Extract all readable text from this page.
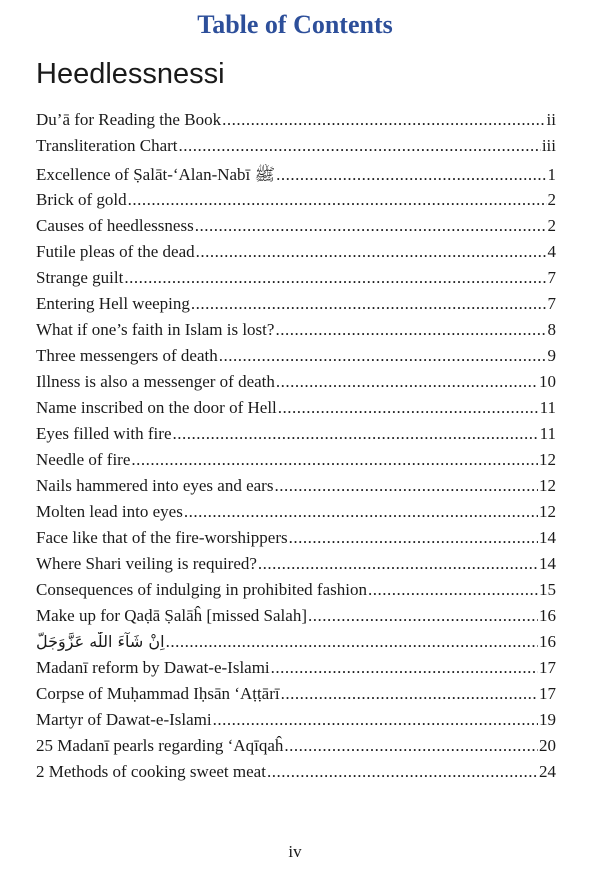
Table of Contents
Heedlessnessi
Du’ā for Reading the Book .....	ii
Transliteration Chart .....	iii
Excellence of Ṣalāt-‘Alan-Nabī ﷺ .....	1
Brick of gold .....	2
Causes of heedlessness .....	2
Futile pleas of the dead .....	4
Strange guilt .....	7
Entering Hell weeping .....	7
What if one’s faith in Islam is lost? .....	8
Three messengers of death .....	9
Illness is also a messenger of death .....	10
Name inscribed on the door of Hell .....	11
Eyes filled with fire .....	11
Needle of fire .....	12
Nails hammered into eyes and ears .....	12
Molten lead into eyes .....	12
Face like that of the fire-worshippers .....	14
Where Shari veiling is required? .....	14
Consequences of indulging in prohibited fashion .....	15
Make up for Qaḍā Ṣalāĥ [missed Salah] .....	16
اِنْ شَآءَ اللّٰه عَزَّوَجَلَّ .....	16
Madanī reform by Dawat-e-Islami .....	17
Corpse of Muḥammad Iḥsān ‘Aṭṭārī .....	17
Martyr of Dawat-e-Islami .....	19
25 Madanī pearls regarding ‘Aqīqaĥ .....	20
2 Methods of cooking sweet meat .....	24
iv
